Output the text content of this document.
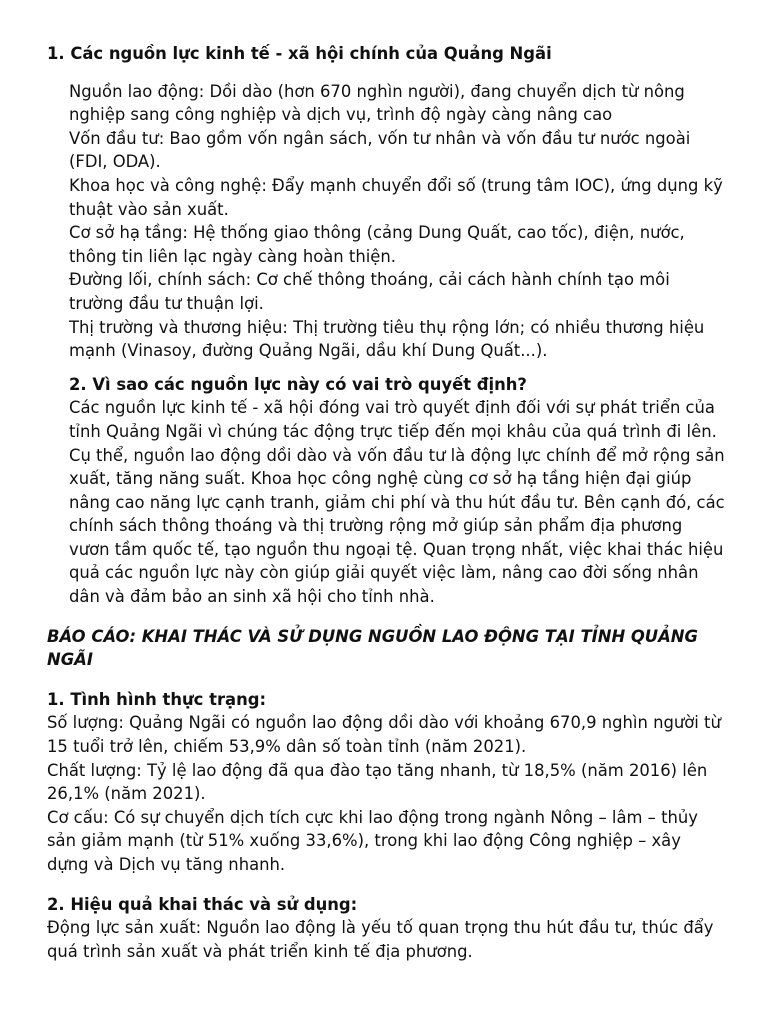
1. Các nguồn lực kinh tế - xã hội chính của Quảng Ngãi

Nguồn lao động: Dồi dào (hơn 670 nghìn người), đang chuyển dịch từ nông nghiệp sang công nghiệp và dịch vụ, trình độ ngày càng nâng cao

Vốn đầu tư: Bao gồm vốn ngân sách, vốn tư nhân và vốn đầu tư nước ngoài (FDI, ODA).

Khoa học và công nghệ: Đẩy mạnh chuyển đổi số (trung tâm IOC), ứng dụng kỹ thuật vào sản xuất.

Cơ sở hạ tầng: Hệ thống giao thông (cảng Dung Quất, cao tốc), điện, nước, thông tin liên lạc ngày càng hoàn thiện.

Đường lối, chính sách: Cơ chế thông thoáng, cải cách hành chính tạo môi trường đầu tư thuận lợi.

Thị trường và thương hiệu: Thị trường tiêu thụ rộng lớn; có nhiều thương hiệu mạnh (Vinasoy, đường Quảng Ngãi, dầu khí Dung Quất...).

2. Vì sao các nguồn lực này có vai trò quyết định?

Các nguồn lực kinh tế - xã hội đóng vai trò quyết định đối với sự phát triển của tỉnh Quảng Ngãi vì chúng tác động trực tiếp đến mọi khâu của quá trình đi lên. Cụ thể, nguồn lao động dồi dào và vốn đầu tư là động lực chính để mở rộng sản xuất, tăng năng suất. Khoa học công nghệ cùng cơ sở hạ tầng hiện đại giúp nâng cao năng lực cạnh tranh, giảm chi phí và thu hút đầu tư. Bên cạnh đó, các chính sách thông thoáng và thị trường rộng mở giúp sản phẩm địa phương vươn tầm quốc tế, tạo nguồn thu ngoại tệ. Quan trọng nhất, việc khai thác hiệu quả các nguồn lực này còn giúp giải quyết việc làm, nâng cao đời sống nhân dân và đảm bảo an sinh xã hội cho tỉnh nhà.

BÁO CÁO: KHAI THÁC VÀ SỬ DỤNG NGUỒN LAO ĐỘNG TẠI TỈNH QUẢNG NGÃI

1. Tình hình thực trạng:

Số lượng: Quảng Ngãi có nguồn lao động dồi dào với khoảng 670,9 nghìn người từ 15 tuổi trở lên, chiếm 53,9% dân số toàn tỉnh (năm 2021).

Chất lượng: Tỷ lệ lao động đã qua đào tạo tăng nhanh, từ 18,5% (năm 2016) lên 26,1% (năm 2021).

Cơ cấu: Có sự chuyển dịch tích cực khi lao động trong ngành Nông – lâm – thủy sản giảm mạnh (từ 51% xuống 33,6%), trong khi lao động Công nghiệp – xây dựng và Dịch vụ tăng nhanh.

2. Hiệu quả khai thác và sử dụng:

Động lực sản xuất: Nguồn lao động là yếu tố quan trọng thu hút đầu tư, thúc đẩy quá trình sản xuất và phát triển kinh tế địa phương.
